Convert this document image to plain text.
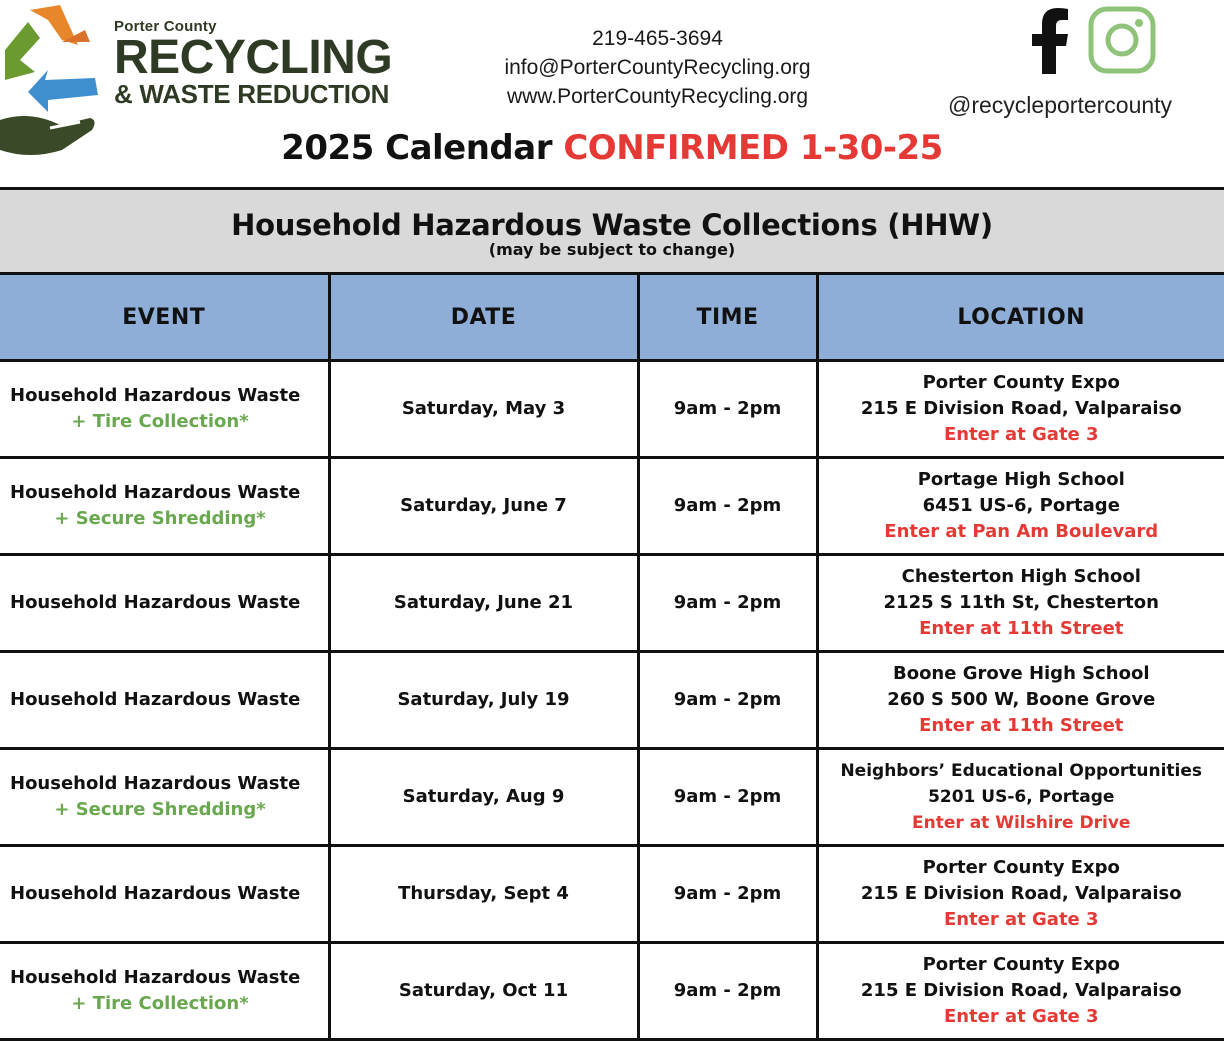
Porter County
RECYCLING
& WASTE REDUCTION
219-465-3694
info@PorterCountyRecycling.org
www.PorterCountyRecycling.org	@recycleportercounty
2025 Calendar CONFIRMED 1-30-25
Household Hazardous Waste Collections (HHW)
(may be subject to change)
EVENT	DATE	TIME	LOCATION
Household Hazardous Waste
+ Tire Collection*	Saturday, May 3	9am - 2pm	Porter County Expo
215 E Division Road, Valparaiso
Enter at Gate 3

Household Hazardous Waste
+ Secure Shredding*	Saturday, June 7	9am - 2pm	Portage High School
6451 US-6, Portage
Enter at Pan Am Boulevard

Household Hazardous Waste	Saturday, June 21	9am - 2pm	Chesterton High School
2125 S 11th St, Chesterton
Enter at 11th Street

Household Hazardous Waste	Saturday, July 19	9am - 2pm	Boone Grove High School
260 S 500 W, Boone Grove
Enter at 11th Street

Household Hazardous Waste
+ Secure Shredding*	Saturday, Aug 9	9am - 2pm	Neighbors’ Educational Opportunities
5201 US-6, Portage
Enter at Wilshire Drive

Household Hazardous Waste	Thursday, Sept 4	9am - 2pm	Porter County Expo
215 E Division Road, Valparaiso
Enter at Gate 3

Household Hazardous Waste
+ Tire Collection*	Saturday, Oct 11	9am - 2pm	Porter County Expo
215 E Division Road, Valparaiso
Enter at Gate 3
